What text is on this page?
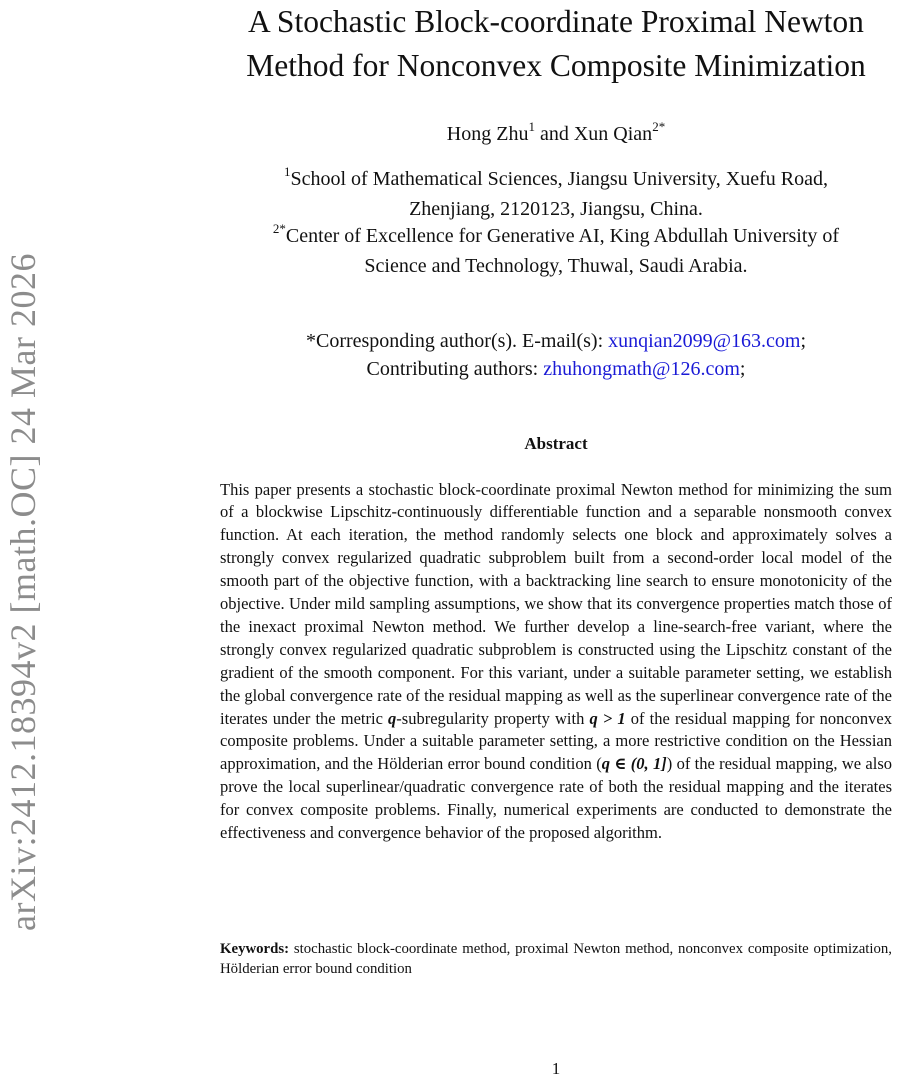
arXiv:2412.18394v2 [math.OC] 24 Mar 2026
A Stochastic Block-coordinate Proximal Newton
Method for Nonconvex Composite Minimization
Hong Zhu$^1$ and Xun Qian$^{2*}$
$^1$School of Mathematical Sciences, Jiangsu University, Xuefu Road,
Zhenjiang, 2120123, Jiangsu, China.
$^{2*}$Center of Excellence for Generative AI, King Abdullah University of
Science and Technology, Thuwal, Saudi Arabia.
*Corresponding author(s). E-mail(s): xunqian2099@163.com;
Contributing authors: zhuhongmath@126.com;
Abstract

This paper presents a stochastic block-coordinate proximal Newton method for minimizing the sum of a blockwise Lipschitz-continuously differentiable function and a separable nonsmooth convex function. At each iteration, the method randomly selects one block and approximately solves a strongly convex regularized quadratic subproblem built from a second-order local model of the smooth part of the objective function, with a backtracking line search to ensure monotonicity of the objective. Under mild sampling assumptions, we show that its convergence properties match those of the inexact proximal Newton method. We further develop a line-search-free variant, where the strongly convex regularized quadratic subproblem is constructed using the Lipschitz constant of the gradient of the smooth component. For this variant, under a suitable parameter setting, we establish the global convergence rate of the residual mapping as well as the superlinear convergence rate of the iterates under the metric q-subregularity property with q > 1 of the residual mapping for nonconvex composite problems. Under a suitable parameter setting, a more restrictive condition on the Hessian approximation, and the Hölderian error bound condition (q ∈ (0, 1]) of the residual mapping, we also prove the local superlinear/quadratic convergence rate of both the residual mapping and the iterates for convex composite problems. Finally, numerical experiments are conducted to demonstrate the effectiveness and convergence behavior of the proposed algorithm.

Keywords: stochastic block-coordinate method, proximal Newton method, nonconvex composite optimization, Hölderian error bound condition

1
